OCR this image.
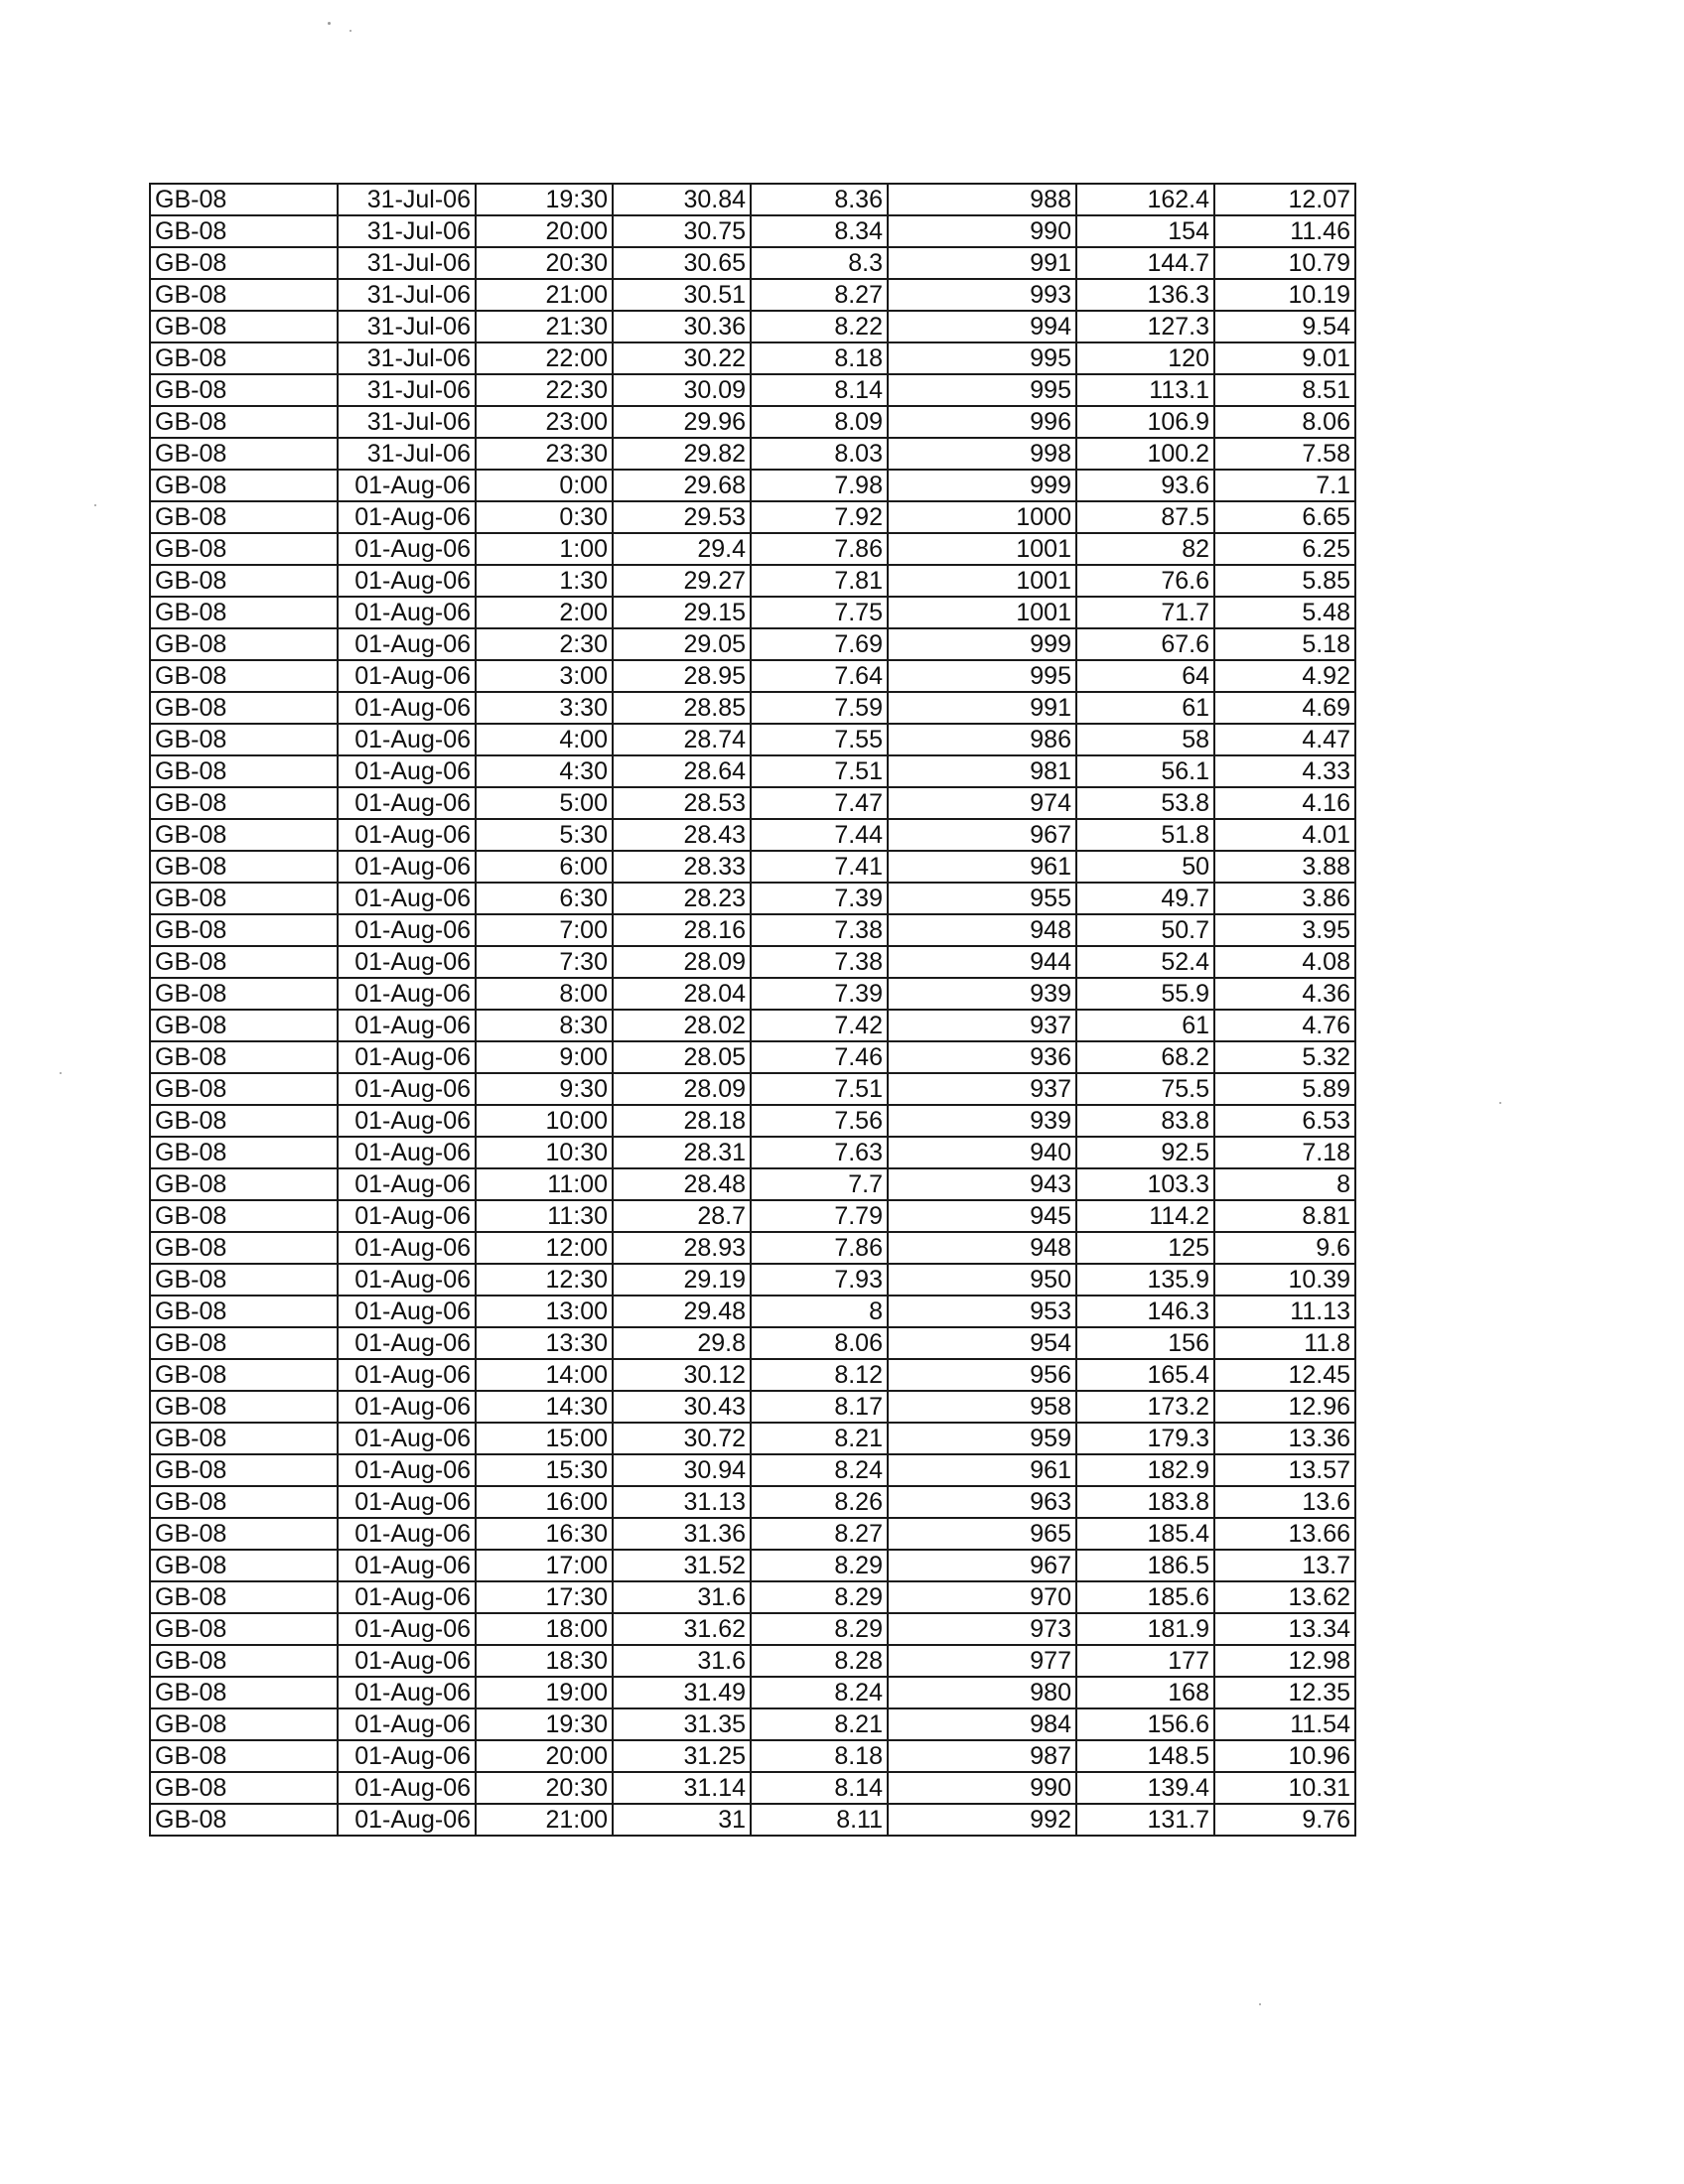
GB-08	31-Jul-06	19:30	30.84	8.36	988	162.4	12.07
GB-08	31-Jul-06	20:00	30.75	8.34	990	154	11.46
GB-08	31-Jul-06	20:30	30.65	8.3	991	144.7	10.79
GB-08	31-Jul-06	21:00	30.51	8.27	993	136.3	10.19
GB-08	31-Jul-06	21:30	30.36	8.22	994	127.3	9.54
GB-08	31-Jul-06	22:00	30.22	8.18	995	120	9.01
GB-08	31-Jul-06	22:30	30.09	8.14	995	113.1	8.51
GB-08	31-Jul-06	23:00	29.96	8.09	996	106.9	8.06
GB-08	31-Jul-06	23:30	29.82	8.03	998	100.2	7.58
GB-08	01-Aug-06	0:00	29.68	7.98	999	93.6	7.1
GB-08	01-Aug-06	0:30	29.53	7.92	1000	87.5	6.65
GB-08	01-Aug-06	1:00	29.4	7.86	1001	82	6.25
GB-08	01-Aug-06	1:30	29.27	7.81	1001	76.6	5.85
GB-08	01-Aug-06	2:00	29.15	7.75	1001	71.7	5.48
GB-08	01-Aug-06	2:30	29.05	7.69	999	67.6	5.18
GB-08	01-Aug-06	3:00	28.95	7.64	995	64	4.92
GB-08	01-Aug-06	3:30	28.85	7.59	991	61	4.69
GB-08	01-Aug-06	4:00	28.74	7.55	986	58	4.47
GB-08	01-Aug-06	4:30	28.64	7.51	981	56.1	4.33
GB-08	01-Aug-06	5:00	28.53	7.47	974	53.8	4.16
GB-08	01-Aug-06	5:30	28.43	7.44	967	51.8	4.01
GB-08	01-Aug-06	6:00	28.33	7.41	961	50	3.88
GB-08	01-Aug-06	6:30	28.23	7.39	955	49.7	3.86
GB-08	01-Aug-06	7:00	28.16	7.38	948	50.7	3.95
GB-08	01-Aug-06	7:30	28.09	7.38	944	52.4	4.08
GB-08	01-Aug-06	8:00	28.04	7.39	939	55.9	4.36
GB-08	01-Aug-06	8:30	28.02	7.42	937	61	4.76
GB-08	01-Aug-06	9:00	28.05	7.46	936	68.2	5.32
GB-08	01-Aug-06	9:30	28.09	7.51	937	75.5	5.89
GB-08	01-Aug-06	10:00	28.18	7.56	939	83.8	6.53
GB-08	01-Aug-06	10:30	28.31	7.63	940	92.5	7.18
GB-08	01-Aug-06	11:00	28.48	7.7	943	103.3	8
GB-08	01-Aug-06	11:30	28.7	7.79	945	114.2	8.81
GB-08	01-Aug-06	12:00	28.93	7.86	948	125	9.6
GB-08	01-Aug-06	12:30	29.19	7.93	950	135.9	10.39
GB-08	01-Aug-06	13:00	29.48	8	953	146.3	11.13
GB-08	01-Aug-06	13:30	29.8	8.06	954	156	11.8
GB-08	01-Aug-06	14:00	30.12	8.12	956	165.4	12.45
GB-08	01-Aug-06	14:30	30.43	8.17	958	173.2	12.96
GB-08	01-Aug-06	15:00	30.72	8.21	959	179.3	13.36
GB-08	01-Aug-06	15:30	30.94	8.24	961	182.9	13.57
GB-08	01-Aug-06	16:00	31.13	8.26	963	183.8	13.6
GB-08	01-Aug-06	16:30	31.36	8.27	965	185.4	13.66
GB-08	01-Aug-06	17:00	31.52	8.29	967	186.5	13.7
GB-08	01-Aug-06	17:30	31.6	8.29	970	185.6	13.62
GB-08	01-Aug-06	18:00	31.62	8.29	973	181.9	13.34
GB-08	01-Aug-06	18:30	31.6	8.28	977	177	12.98
GB-08	01-Aug-06	19:00	31.49	8.24	980	168	12.35
GB-08	01-Aug-06	19:30	31.35	8.21	984	156.6	11.54
GB-08	01-Aug-06	20:00	31.25	8.18	987	148.5	10.96
GB-08	01-Aug-06	20:30	31.14	8.14	990	139.4	10.31
GB-08	01-Aug-06	21:00	31	8.11	992	131.7	9.76
